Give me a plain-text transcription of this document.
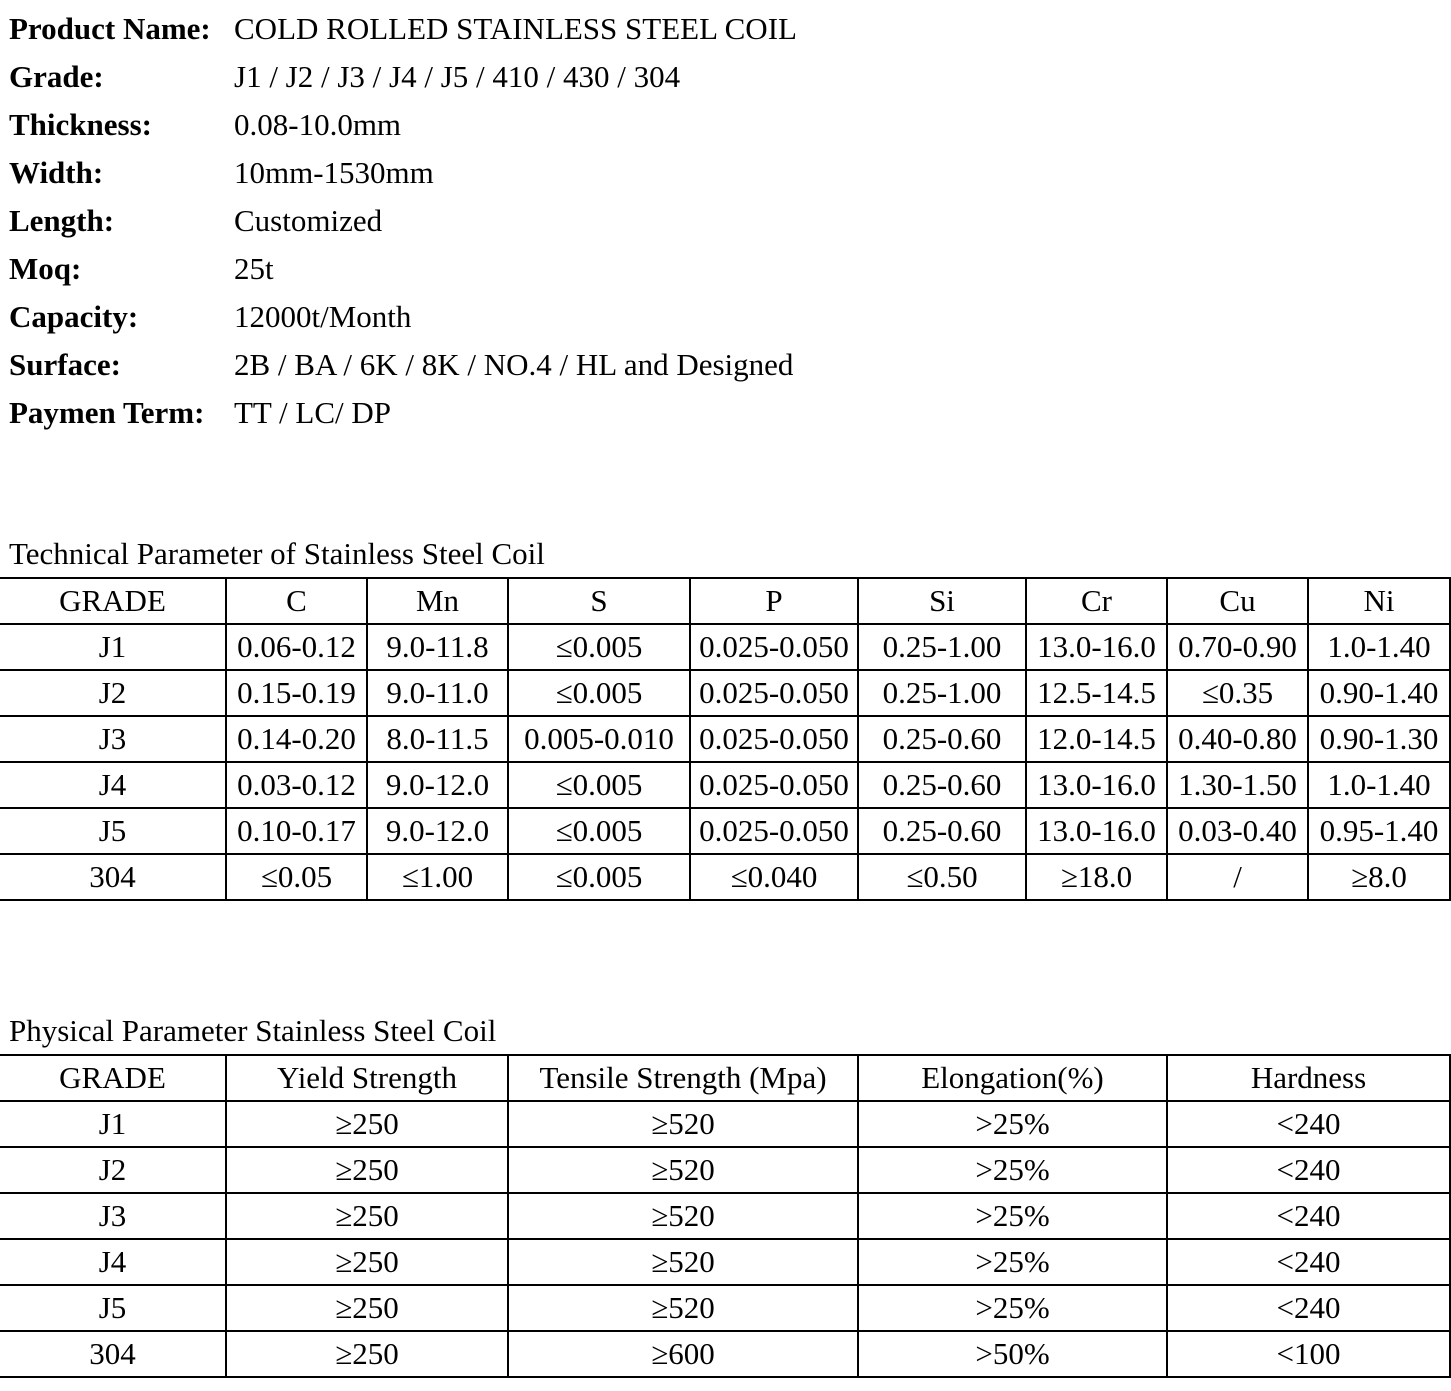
Product Name: COLD ROLLED STAINLESS STEEL COIL
Grade:	J1 / J2 / J3 / J4 / J5 / 410 / 430 / 304
Thickness:	0.08-10.0mm
Width:	10mm-1530mm
Length:	Customized
Moq:	25t
Capacity:	12000t/Month
Surface:	2B / BA / 6K / 8K / NO.4 / HL and Designed
Paymen Term: TT / LC/ DP
Technical Parameter of Stainless Steel Coil
GRADE	C	Mn	S	P	Si	Cr	Cu	Ni
J1	0.06-0.12	9.0-11.8	≤0.005	0.025-0.050	0.25-1.00	13.0-16.0	0.70-0.90	1.0-1.40
J2	0.15-0.19	9.0-11.0	≤0.005	0.025-0.050	0.25-1.00	12.5-14.5	≤0.35	0.90-1.40
J3	0.14-0.20	8.0-11.5	0.005-0.010	0.025-0.050	0.25-0.60	12.0-14.5	0.40-0.80	0.90-1.30
J4	0.03-0.12	9.0-12.0	≤0.005	0.025-0.050	0.25-0.60	13.0-16.0	1.30-1.50	1.0-1.40
J5	0.10-0.17	9.0-12.0	≤0.005	0.025-0.050	0.25-0.60	13.0-16.0	0.03-0.40	0.95-1.40
304	≤0.05	≤1.00	≤0.005	≤0.040	≤0.50	≥18.0	/	≥8.0
Physical Parameter Stainless Steel Coil
GRADE	Yield Strength	Tensile Strength (Mpa)	Elongation(%)	Hardness
J1	≥250	≥520	>25%	<240
J2	≥250	≥520	>25%	<240
J3	≥250	≥520	>25%	<240
J4	≥250	≥520	>25%	<240
J5	≥250	≥520	>25%	<240
304	≥250	≥600	>50%	<100
